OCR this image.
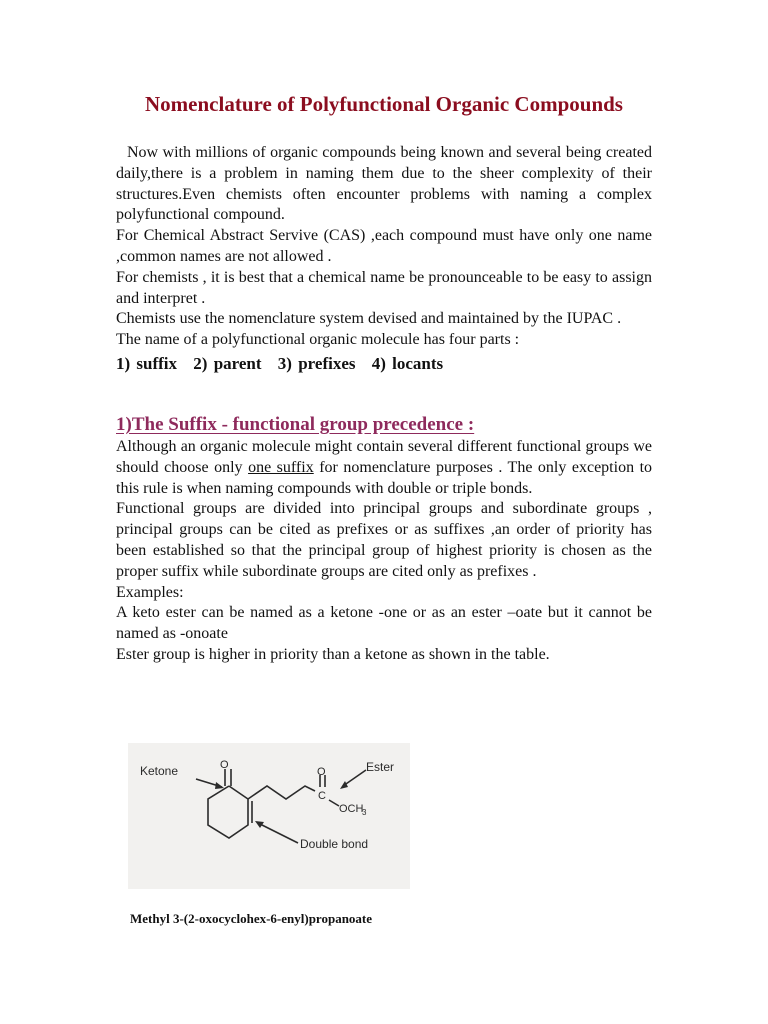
Nomenclature of Polyfunctional Organic Compounds

Now with millions of organic compounds being known and several being created daily,there is a problem in naming them due to the sheer complexity of their structures.Even chemists often encounter problems with naming a complex polyfunctional compound.

For Chemical Abstract Servive (CAS) ,each compound must have only one name ,common names are not allowed .

For chemists , it is best that a chemical name be pronounceable to be easy to assign and interpret .

Chemists use the nomenclature system devised and maintained by the IUPAC .

The name of a polyfunctional organic molecule has four parts :

1) suffix 2) parent 3) prefixes 4) locants
1)The Suffix - functional group precedence :

Although an organic molecule might contain several different functional groups we should choose only one suffix for nomenclature purposes . The only exception to this rule is when naming compounds with double or triple bonds.

Functional groups are divided into principal groups and subordinate groups , principal groups can be cited as prefixes or as suffixes ,an order of priority has been established so that the principal group of highest priority is chosen as the proper suffix while subordinate groups are cited only as prefixes .

Examples:

A keto ester can be named as a ketone -one or as an ester –oate but it cannot be named as -onoate

Ester group is higher in priority than a ketone as shown in the table.

O
O
C
OCH
3
Ketone	Ester
Double bond

Methyl 3-(2-oxocyclohex-6-enyl)propanoate
